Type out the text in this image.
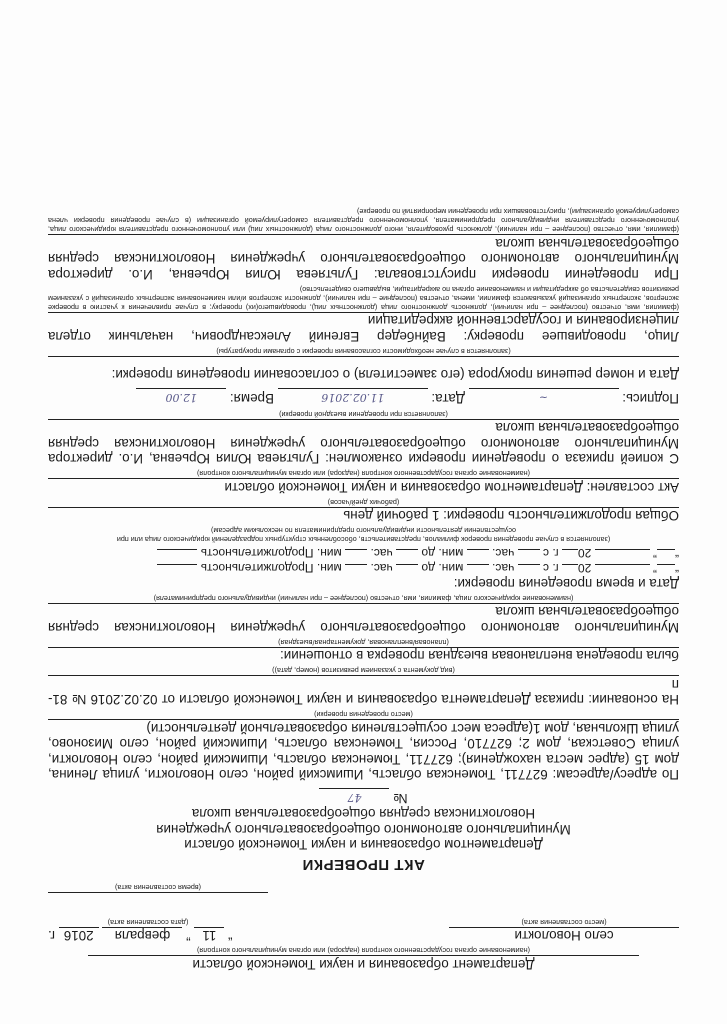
Департамент образования и науки Тюменской области

(наименование органа государственного контроля (надзора) или органа муниципального контроля)
село Новолокти
“ 11 ” февраля 2016 г.
(место составления акта)
(дата составления акта)
(время составления акта)
АКТ ПРОВЕРКИ

Департаментом образования и науки Тюменской области

Муниципального автономного общеобразовательного учреждения

Новолоктинская средняя общеобразовательная школа

№ 47

По адресу/адресам: 627711, Тюменская область, Ишимский район, село Новолокти, улица Ленина, дом 15 (адрес места нахождения); 627711, Тюменская область, Ишимский район, село Новолокти, улица Советская, дом 2; 627710, Россия, Тюменская область, Ишимский район, село Мизоново, улица Школьная, дом 1(адреса мест осуществления образовательной деятельности)

(место проведения проверки)

На основании: приказа Департамента образования и науки Тюменской области от 02.02.2016 № 81-п

(вид документа с указанием реквизитов (номер, дата))

была проведена внеплановая выездная проверка в отношении:

(плановая/внеплановая, документарная/выездная)

Муниципального автономного общеобразовательного учреждения Новолоктинская средняя общеобразовательная школа

(наименование юридического лица, фамилия, имя, отчество (последнее – при наличии) индивидуального предпринимателя)

Дата и время проведения проверки:

“”  20 г. с  час.  мин. до  час.  мин. Продолжительность
“”  20 г. с  час.  мин. до  час.  мин. Продолжительность
(заполняется в случае проведения проверок филиалов, представительств, обособленных структурных подразделений юридического лица или при осуществлении деятельности индивидуального предпринимателя по нескольким адресам)

Общая продолжительность проверки: 1 рабочий день

(рабочих дней/часов)

Акт составлен: Департаментом образования и науки Тюменской области

(наименование органа государственного контроля (надзора) или органа муниципального контроля)

С копией приказа о проведении проверки ознакомлен: Гультяева Юлия Юрьевна, И.о. директора Муниципального автономного общеобразовательного учреждения Новолоктинская средняя общеобразовательная школа

(заполняется при проведении выездной проверки)
Подпись: ~ Дата: 11.02.2016 Время: 12.00

Дата и номер решения прокурора (его заместителя) о согласовании проведения проверки:

(заполняется в случае необходимости согласования проверки с органами прокуратуры)

Лицо, проводившее проверку: Вайнбедер Евгений Александрович, начальник отдела лицензирования и государственной аккредитации

(фамилия, имя, отчество (последнее – при наличии), должность должностного лица (должностных лиц), проводившего(их) проверку; в случае привлечения к участию в проверке экспертов, экспертных организаций указываются фамилии, имена, отчества (последние – при наличии), должности экспертов и/или наименования экспертных организаций с указанием реквизитов свидетельства об аккредитации и наименование органа по аккредитации, выдавшего свидетельство)

При проведении проверки присутствовала: Гультяева Юлия Юрьевна, И.о. директора Муниципального автономного общеобразовательного учреждения Новолоктинская средняя общеобразовательная школа

(фамилия, имя, отчество (последнее – при наличии), должность руководителя, иного должностного лица (должностных лиц) или уполномоченного представителя юридического лица, уполномоченного представителя индивидуального предпринимателя, уполномоченного представителя саморегулируемой организации (в случае проведения проверки члена саморегулируемой организации), присутствовавших при проведении мероприятий по проверке)
